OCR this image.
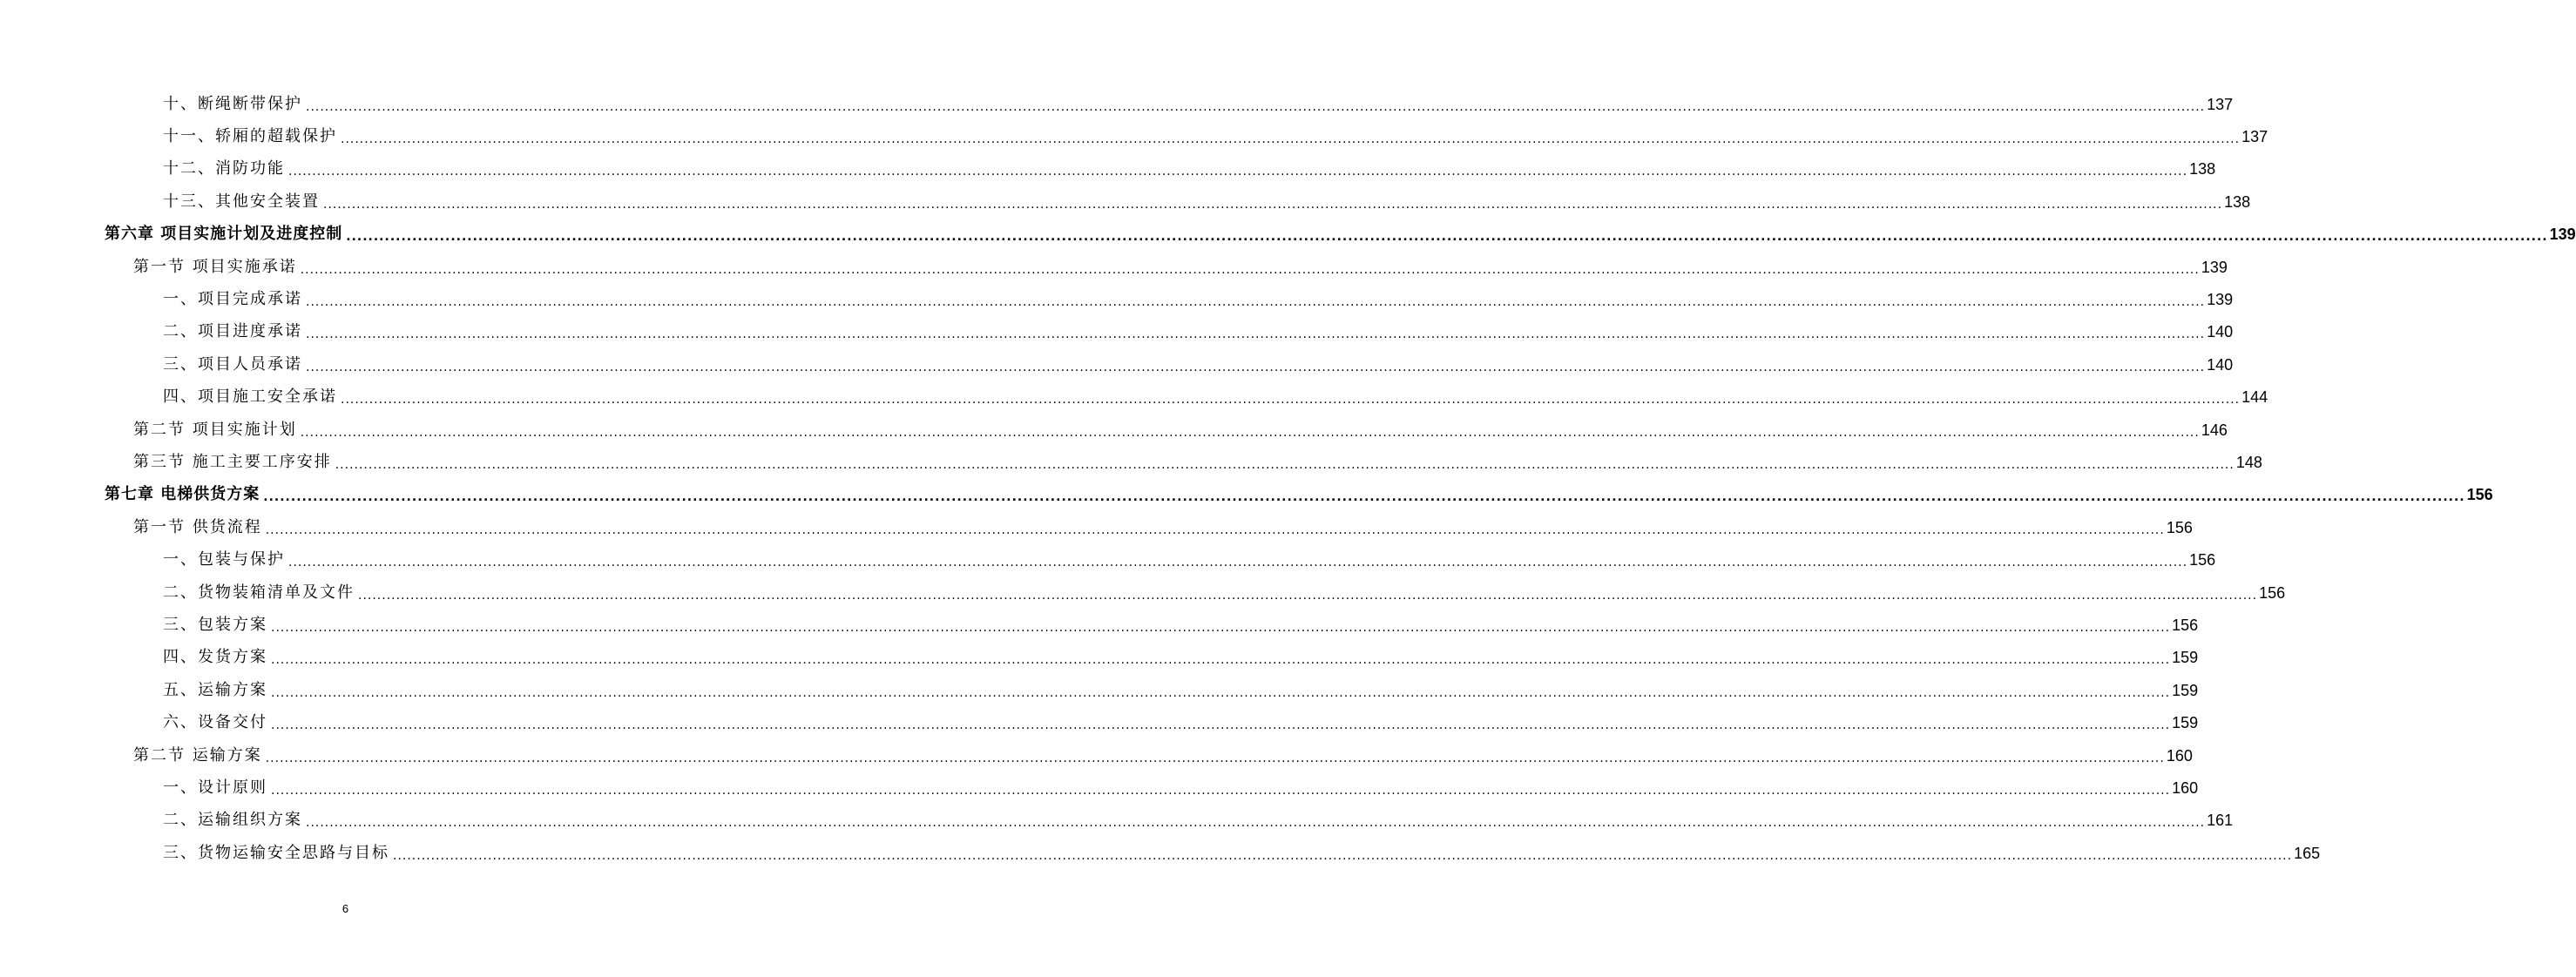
十、断绳断带保护 ................................................................................................................................................................................................................................................................................................................................................................................................................ 137
十一、轿厢的超载保护 ................................................................................................................................................................................................................................................................................................................................................................................................................ 137
十二、消防功能 ................................................................................................................................................................................................................................................................................................................................................................................................................ 138
十三、其他安全装置 ................................................................................................................................................................................................................................................................................................................................................................................................................ 138
第六章 项目实施计划及进度控制 ................................................................................................................................................................................................................................................................................................................................................................................................................ 139
第一节 项目实施承诺 ................................................................................................................................................................................................................................................................................................................................................................................................................ 139
一、项目完成承诺 ................................................................................................................................................................................................................................................................................................................................................................................................................ 139
二、项目进度承诺 ................................................................................................................................................................................................................................................................................................................................................................................................................ 140
三、项目人员承诺 ................................................................................................................................................................................................................................................................................................................................................................................................................ 140
四、项目施工安全承诺 ................................................................................................................................................................................................................................................................................................................................................................................................................ 144
第二节 项目实施计划 ................................................................................................................................................................................................................................................................................................................................................................................................................ 146
第三节 施工主要工序安排 ................................................................................................................................................................................................................................................................................................................................................................................................................ 148
第七章 电梯供货方案 ................................................................................................................................................................................................................................................................................................................................................................................................................ 156
第一节 供货流程 ................................................................................................................................................................................................................................................................................................................................................................................................................ 156
一、包装与保护 ................................................................................................................................................................................................................................................................................................................................................................................................................ 156
二、货物装箱清单及文件 ................................................................................................................................................................................................................................................................................................................................................................................................................ 156
三、包装方案 ................................................................................................................................................................................................................................................................................................................................................................................................................ 156
四、发货方案 ................................................................................................................................................................................................................................................................................................................................................................................................................ 159
五、运输方案 ................................................................................................................................................................................................................................................................................................................................................................................................................ 159
六、设备交付 ................................................................................................................................................................................................................................................................................................................................................................................................................ 159
第二节 运输方案 ................................................................................................................................................................................................................................................................................................................................................................................................................ 160
一、设计原则 ................................................................................................................................................................................................................................................................................................................................................................................................................ 160
二、运输组织方案 ................................................................................................................................................................................................................................................................................................................................................................................................................ 161
三、货物运输安全思路与目标 ................................................................................................................................................................................................................................................................................................................................................................................................................ 165
6
